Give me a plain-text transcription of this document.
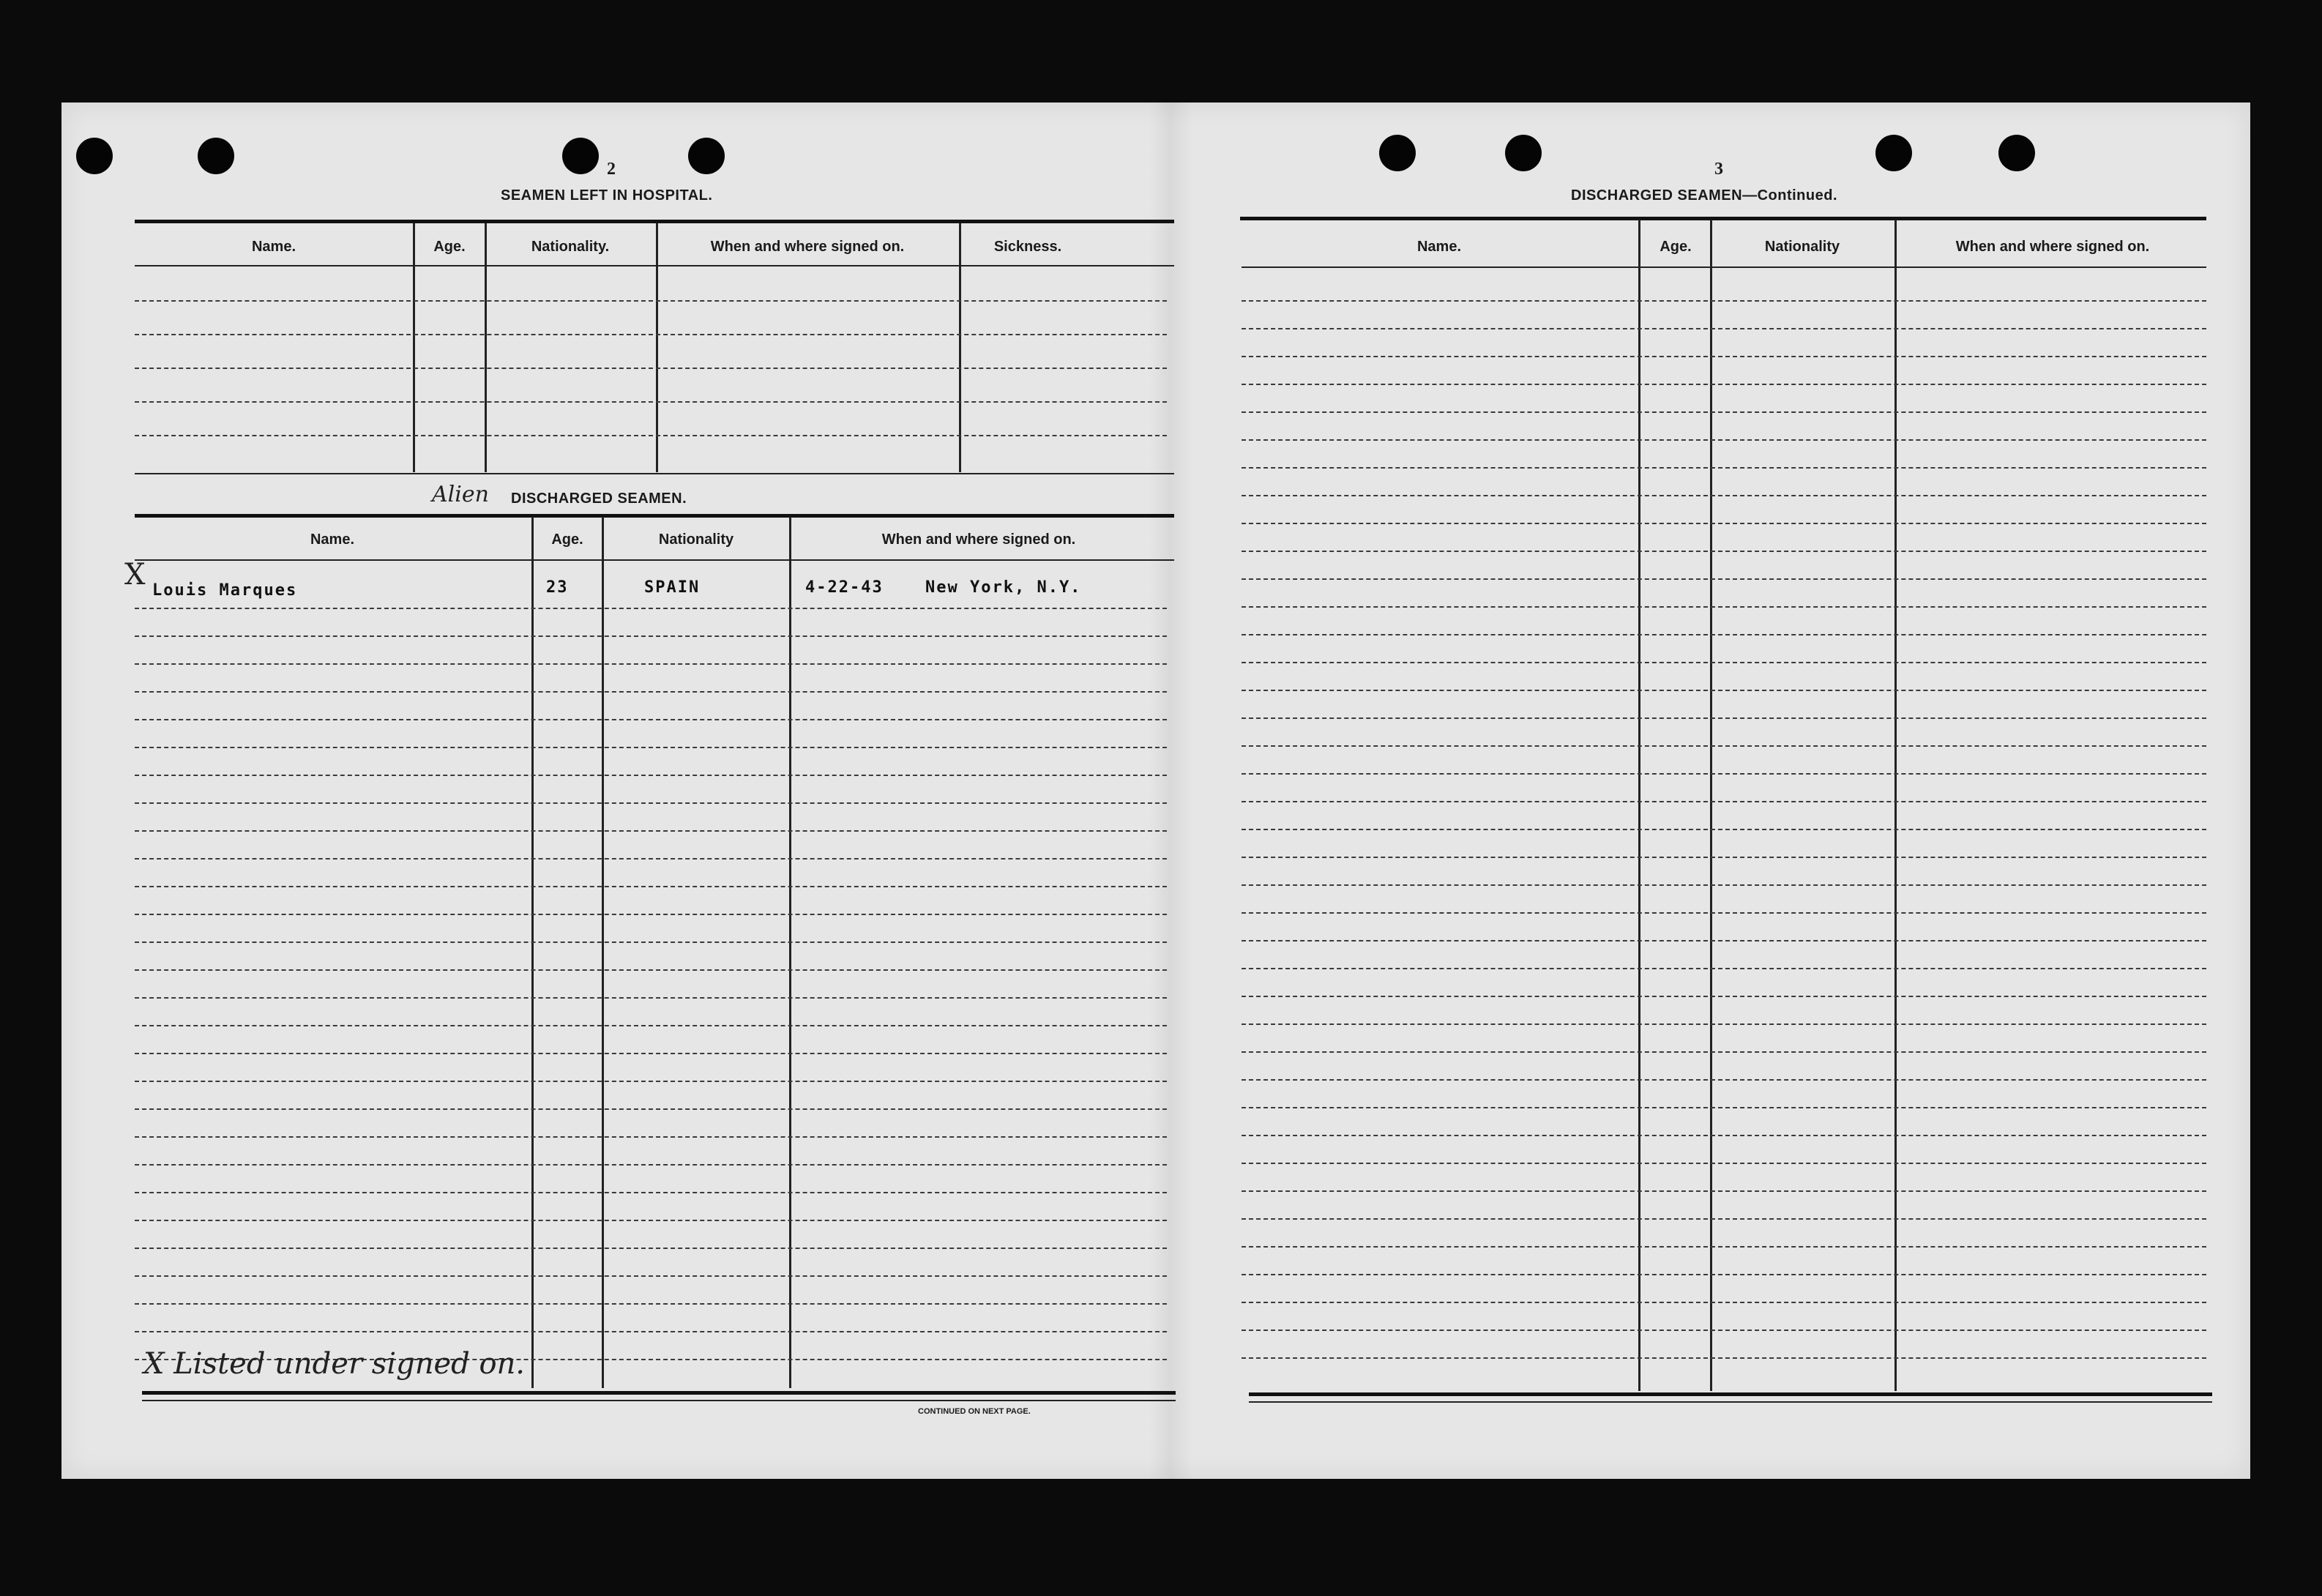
2
SEAMEN LEFT IN HOSPITAL.
Name.	Age.	Nationality.	When and where signed on.	Sickness.
Alien DISCHARGED SEAMEN.
Name.	Age.	Nationality	When and where signed on.
X Louis Marques	23	SPAIN	4-22-43	New York, N.Y.
X Listed under signed on.
CONTINUED ON NEXT PAGE.
3
DISCHARGED SEAMEN—Continued.
Name.	Age.	Nationality	When and where signed on.
